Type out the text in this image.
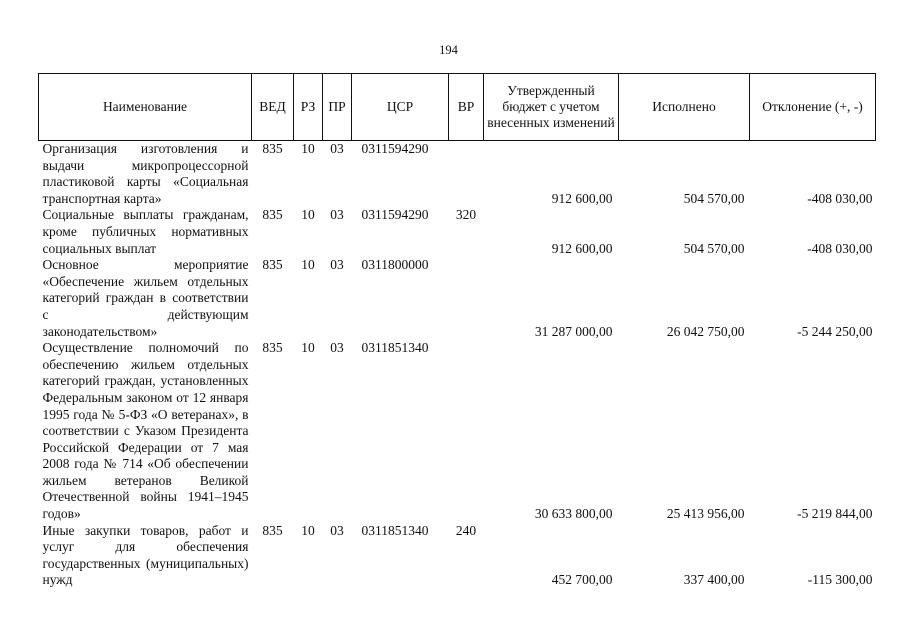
194
Наименование	ВЕД	РЗ	ПР	ЦСР	ВР	Утвержденный бюджет с учетом внесенных изменений	Исполнено	Отклонение (+, -)
Организация изготовления и выдачи микропроцессорной пластиковой карты «Социальная транспортная карта»	835	10	03	0311594290		912 600,00	504 570,00	-408 030,00
Социальные выплаты гражданам, кроме публичных нормативных социальных выплат	835	10	03	0311594290	320	912 600,00	504 570,00	-408 030,00
Основное мероприятие «Обеспечение жильем отдельных категорий граждан в соответствии с действующим законодательством»	835	10	03	0311800000		31 287 000,00	26 042 750,00	-5 244 250,00
Осуществление полномочий по обеспечению жильем отдельных категорий граждан, установленных Федеральным законом от 12 января 1995 года № 5-ФЗ «О ветеранах», в соответствии с Указом Президента Российской Федерации от 7 мая 2008 года № 714 «Об обеспечении жильем ветеранов Великой Отечественной войны 1941–1945 годов»	835	10	03	0311851340		30 633 800,00	25 413 956,00	-5 219 844,00
Иные закупки товаров, работ и услуг для обеспечения государственных (муниципальных) нужд	835	10	03	0311851340	240	452 700,00	337 400,00	-115 300,00
